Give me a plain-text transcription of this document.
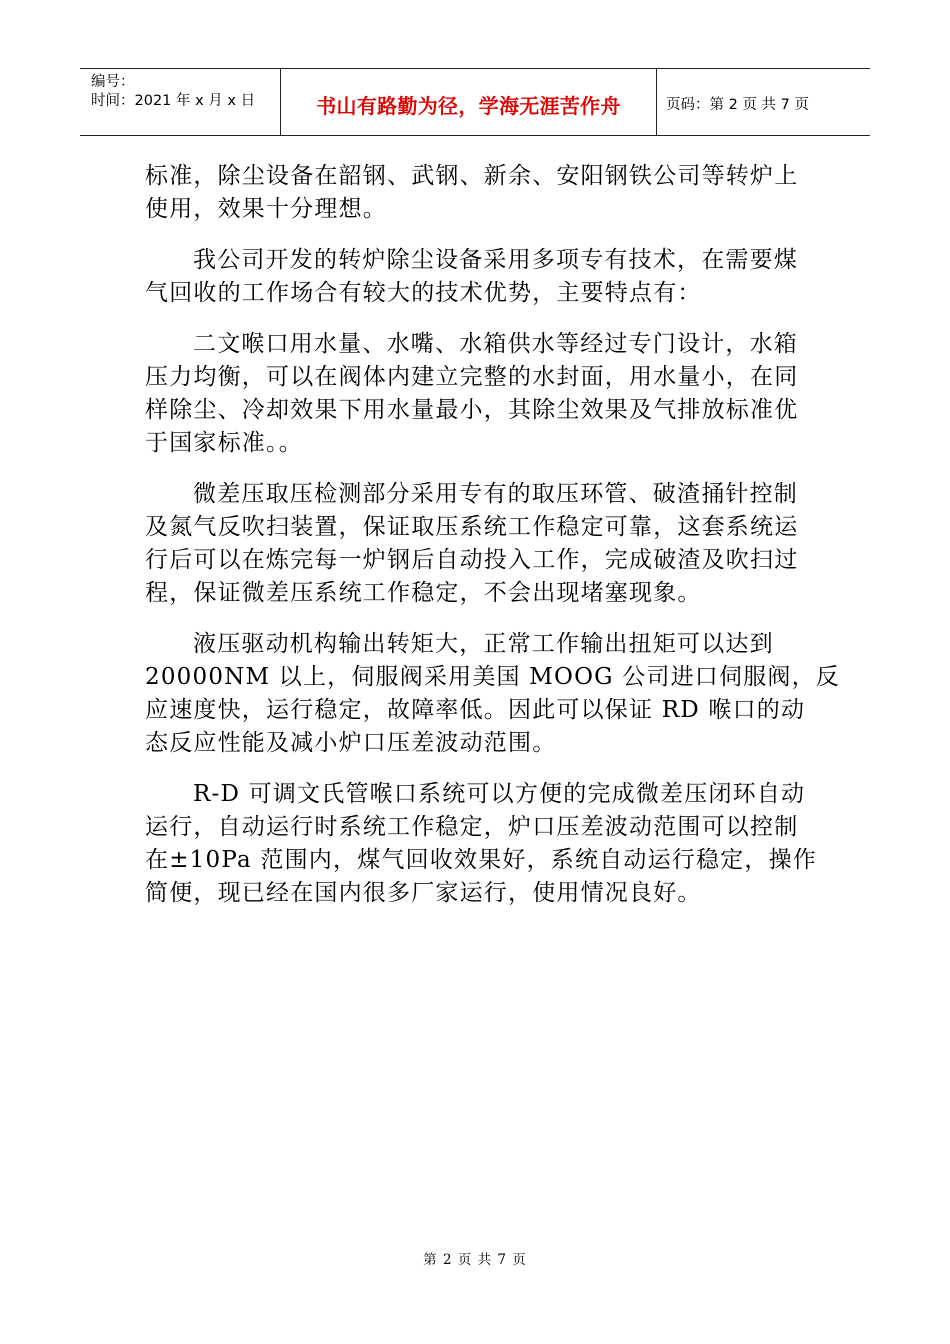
编号：
时间：2021 年 x 月 x 日	书山有路勤为径，学海无涯苦作舟	页码：第 2 页 共 7 页

标准，除尘设备在韶钢、武钢、新余、安阳钢铁公司等转炉上
使用，效果十分理想。

我公司开发的转炉除尘设备采用多项专有技术，在需要煤
气回收的工作场合有较大的技术优势，主要特点有：

二文喉口用水量、水嘴、水箱供水等经过专门设计，水箱
压力均衡，可以在阀体内建立完整的水封面，用水量小，在同
样除尘、冷却效果下用水量最小，其除尘效果及气排放标准优
于国家标准。。

微差压取压检测部分采用专有的取压环管、破渣捅针控制
及氮气反吹扫装置，保证取压系统工作稳定可靠，这套系统运
行后可以在炼完每一炉钢后自动投入工作，完成破渣及吹扫过
程，保证微差压系统工作稳定，不会出现堵塞现象。

液压驱动机构输出转矩大，正常工作输出扭矩可以达到
20000NM 以上，伺服阀采用美国 MOOG 公司进口伺服阀，反
应速度快，运行稳定，故障率低。因此可以保证 RD 喉口的动
态反应性能及减小炉口压差波动范围。

R-D 可调文氏管喉口系统可以方便的完成微差压闭环自动
运行，自动运行时系统工作稳定，炉口压差波动范围可以控制
在±10Pa 范围内，煤气回收效果好，系统自动运行稳定，操作
简便，现已经在国内很多厂家运行，使用情况良好。

第 2 页 共 7 页
